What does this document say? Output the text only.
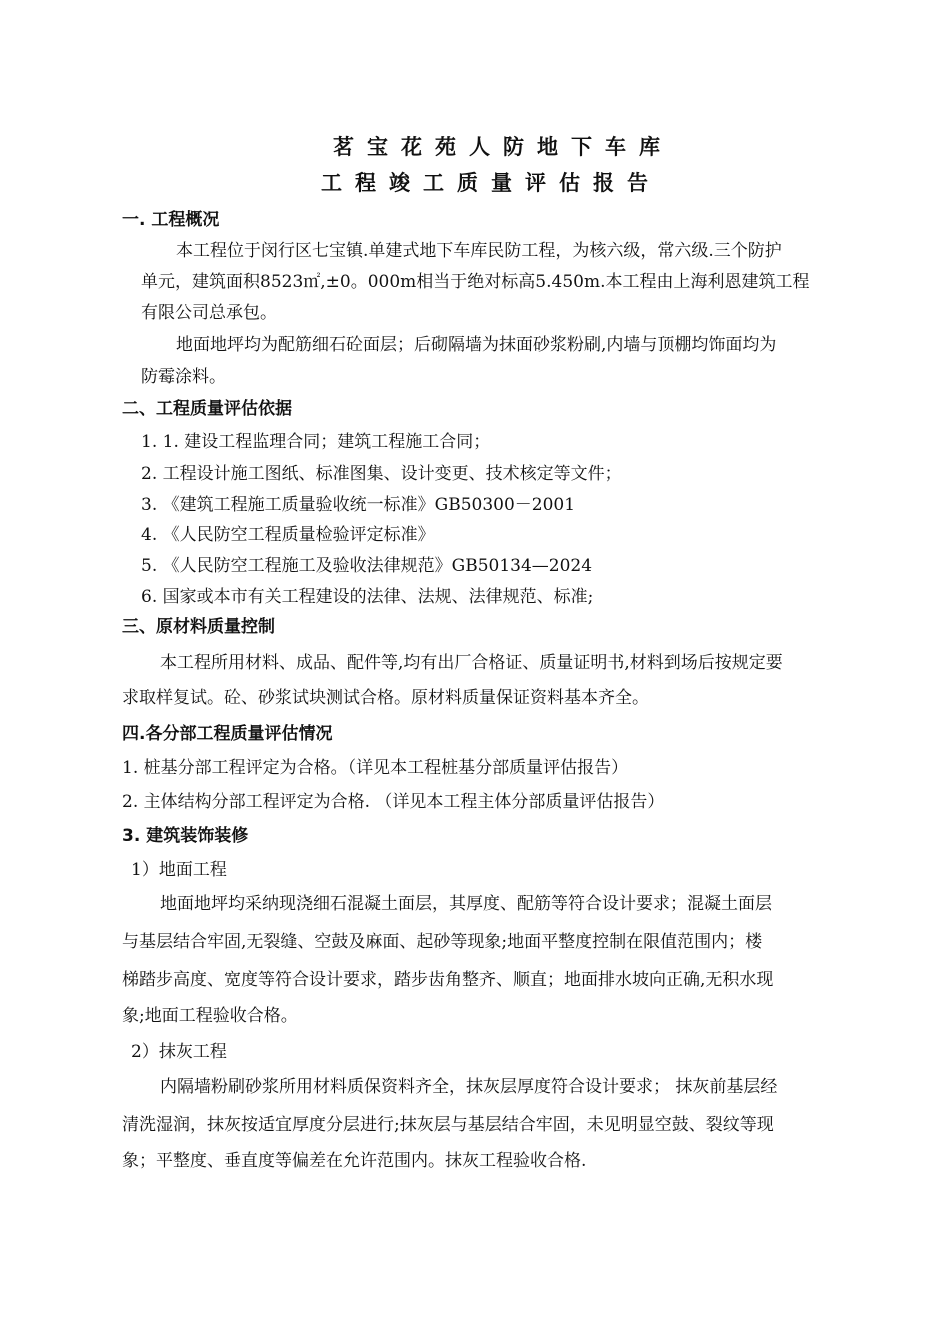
茗宝花苑人防地下车库
工程竣工质量评估报告
一. 工程概况
本工程位于闵行区七宝镇.单建式地下车库民防工程，为核六级，常六级.三个防护
单元，建筑面积8523㎡,±0。000m相当于绝对标高5.450m.本工程由上海利恩建筑工程
有限公司总承包。
地面地坪均为配筋细石砼面层；后砌隔墙为抹面砂浆粉刷,内墙与顶棚均饰面均为
防霉涂料。
二、工程质量评估依据
1. 1. 建设工程监理合同；建筑工程施工合同；
2. 工程设计施工图纸、标准图集、设计变更、技术核定等文件；
3. 《建筑工程施工质量验收统一标准》GB50300－2001
4. 《人民防空工程质量检验评定标准》
5. 《人民防空工程施工及验收法律规范》GB50134—2024
6. 国家或本市有关工程建设的法律、法规、法律规范、标准;
三、原材料质量控制
本工程所用材料、成品、配件等,均有出厂合格证、质量证明书,材料到场后按规定要
求取样复试。砼、砂浆试块测试合格。原材料质量保证资料基本齐全。
四.各分部工程质量评估情况
1. 桩基分部工程评定为合格。（详见本工程桩基分部质量评估报告）
2. 主体结构分部工程评定为合格. （详见本工程主体分部质量评估报告）
3. 建筑装饰装修
1）地面工程
地面地坪均采纳现浇细石混凝土面层，其厚度、配筋等符合设计要求；混凝土面层
与基层结合牢固,无裂缝、空鼓及麻面、起砂等现象;地面平整度控制在限值范围内；楼
梯踏步高度、宽度等符合设计要求，踏步齿角整齐、顺直；地面排水坡向正确,无积水现
象;地面工程验收合格。
2）抹灰工程
内隔墙粉刷砂浆所用材料质保资料齐全，抹灰层厚度符合设计要求； 抹灰前基层经
清洗湿润，抹灰按适宜厚度分层进行;抹灰层与基层结合牢固，未见明显空鼓、裂纹等现
象；平整度、垂直度等偏差在允许范围内。抹灰工程验收合格.
